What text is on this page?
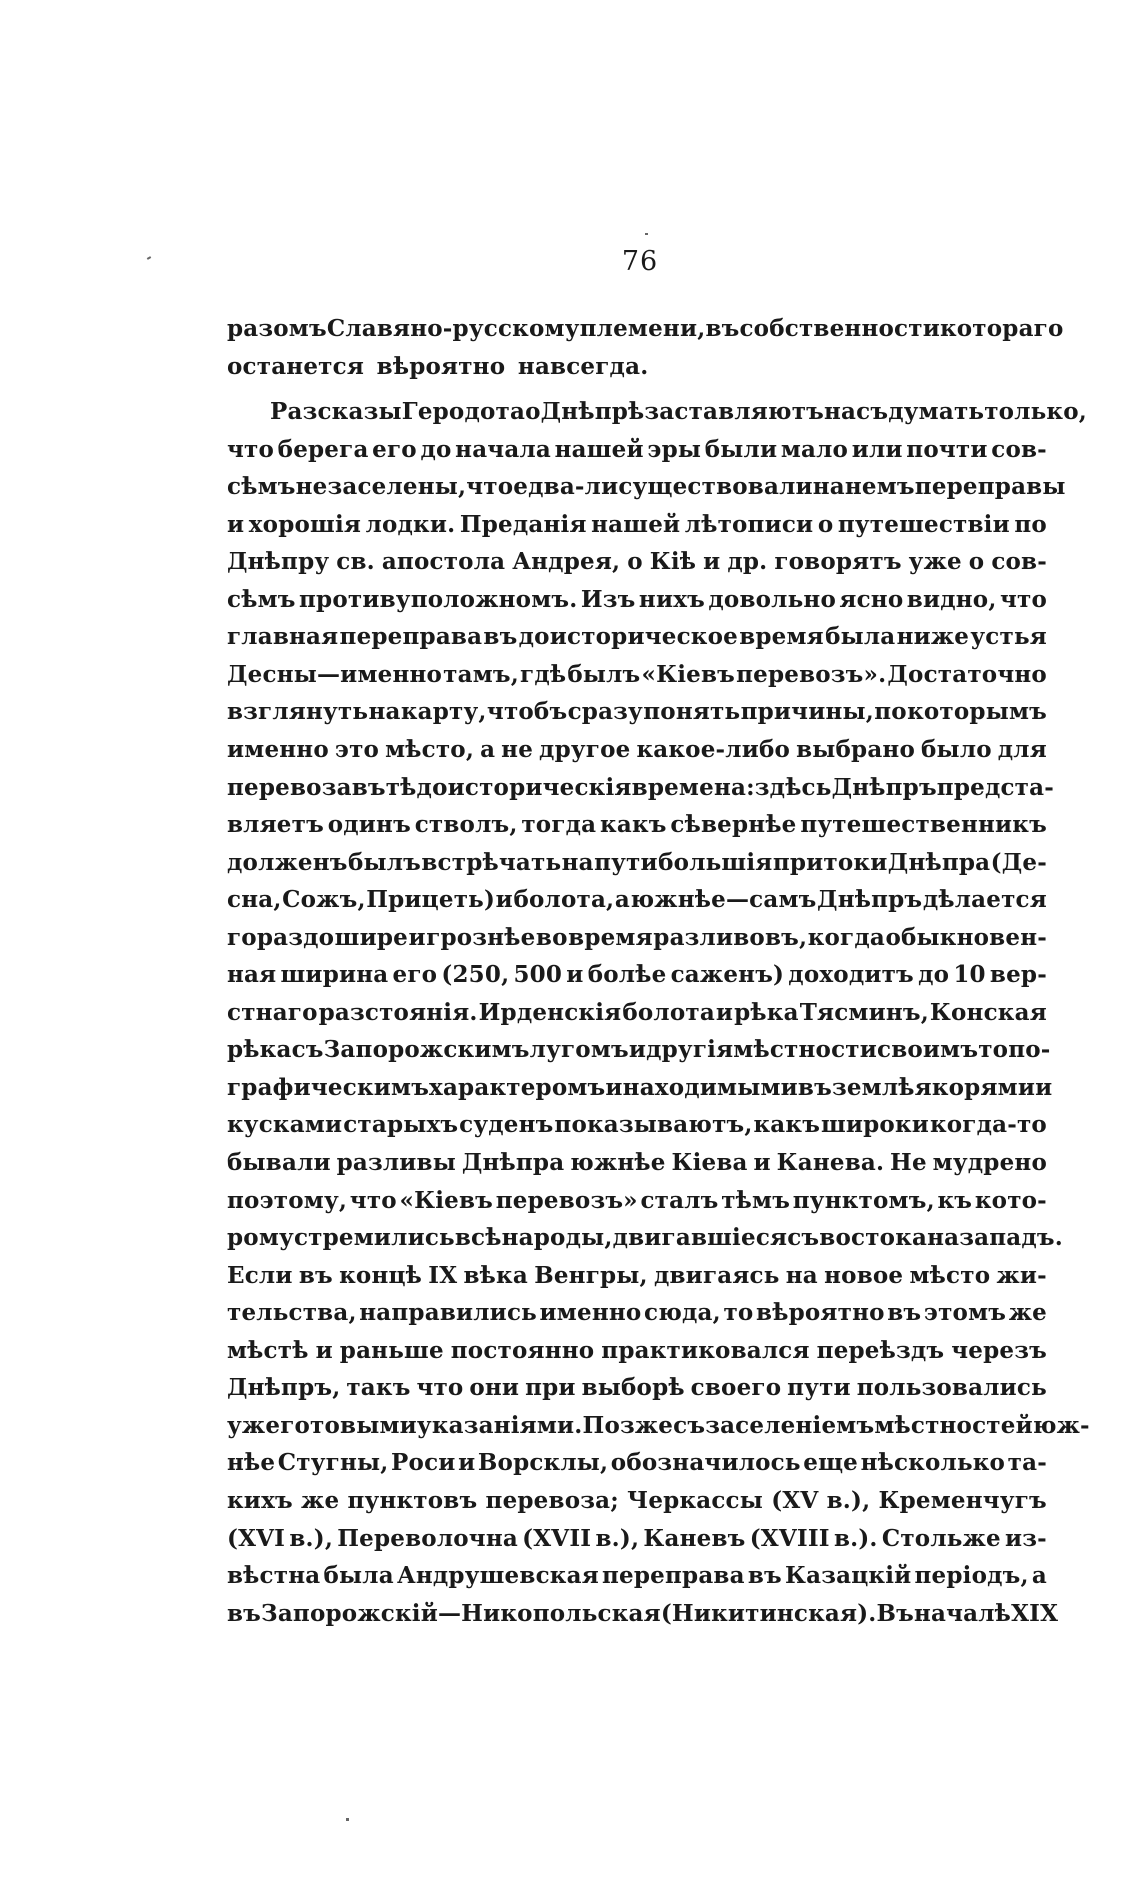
76
разомъ Славяно-русскому племени, въ собственности котораго
останется вѣроятно навсегда.
Разсказы Геродота о Днѣпрѣ заставляютъ насъ думать только,
что берега его до начала нашей эры были мало или почти сов-
сѣмъ незаселены, что едва-ли существовали на немъ переправы
и хорошія лодки. Преданія нашей лѣтописи о путешествіи по
Днѣпру св. апостола Андрея, о Кіѣ и др. говорятъ уже о сов-
сѣмъ противуположномъ. Изъ нихъ довольно ясно видно, что
главная переправа въ доисторическое время была ниже устья
Десны—именно тамъ, гдѣ былъ «Кіевъ перевозъ». Достаточно
взглянуть на карту, чтобъ сразу понять причины, по которымъ
именно это мѣсто, а не другое какое-либо выбрано было для
перевоза въ тѣ доисторическія времена: здѣсь Днѣпръ предста-
вляетъ одинъ стволъ, тогда какъ сѣвернѣе путешественникъ
долженъ былъ встрѣчать на пути большія притоки Днѣпра (Де-
сна, Сожъ, Прицеть) и болота, а южнѣе—самъ Днѣпръ дѣлается
гораздо шире и грознѣе во время разливовъ, когда обыкновен-
ная ширина его (250, 500 и болѣе саженъ) доходитъ до 10 вер-
стнаго разстоянія. Ирденскія болота и рѣка Тясминъ, Конская
рѣка съ Запорожскимъ лугомъ и другія мѣстности своимъ топо-
графическимъ характеромъ и находимыми въ землѣ якорями и
кусками старыхъ суденъ показываютъ, какъ широки когда-то
бывали разливы Днѣпра южнѣе Кіева и Канева. Не мудрено
поэтому, что «Кіевъ перевозъ» сталъ тѣмъ пунктомъ, къ кото-
рому стремились всѣ народы, двигавшіеся съ востока на западъ.
Если въ концѣ IX вѣка Венгры, двигаясь на новое мѣсто жи-
тельства, направились именно сюда, то вѣроятно въ этомъ же
мѣстѣ и раньше постоянно практиковался переѣздъ черезъ
Днѣпръ, такъ что они при выборѣ своего пути пользовались
уже готовыми указаніями. Позже съ заселеніемъ мѣстностей юж-
нѣе Стугны, Роси и Ворсклы, обозначилось еще нѣсколько та-
кихъ же пунктовъ перевоза; Черкассы (XV в.), Кременчугъ
(XVI в.), Переволочна (XVII в.), Каневъ (XVIII в.). Стольже из-
вѣстна была Андрушевская переправа въ Казацкій періодъ, а
въ Запорожскій—Никопольская (Никитинская). Въ началѣ XIX
